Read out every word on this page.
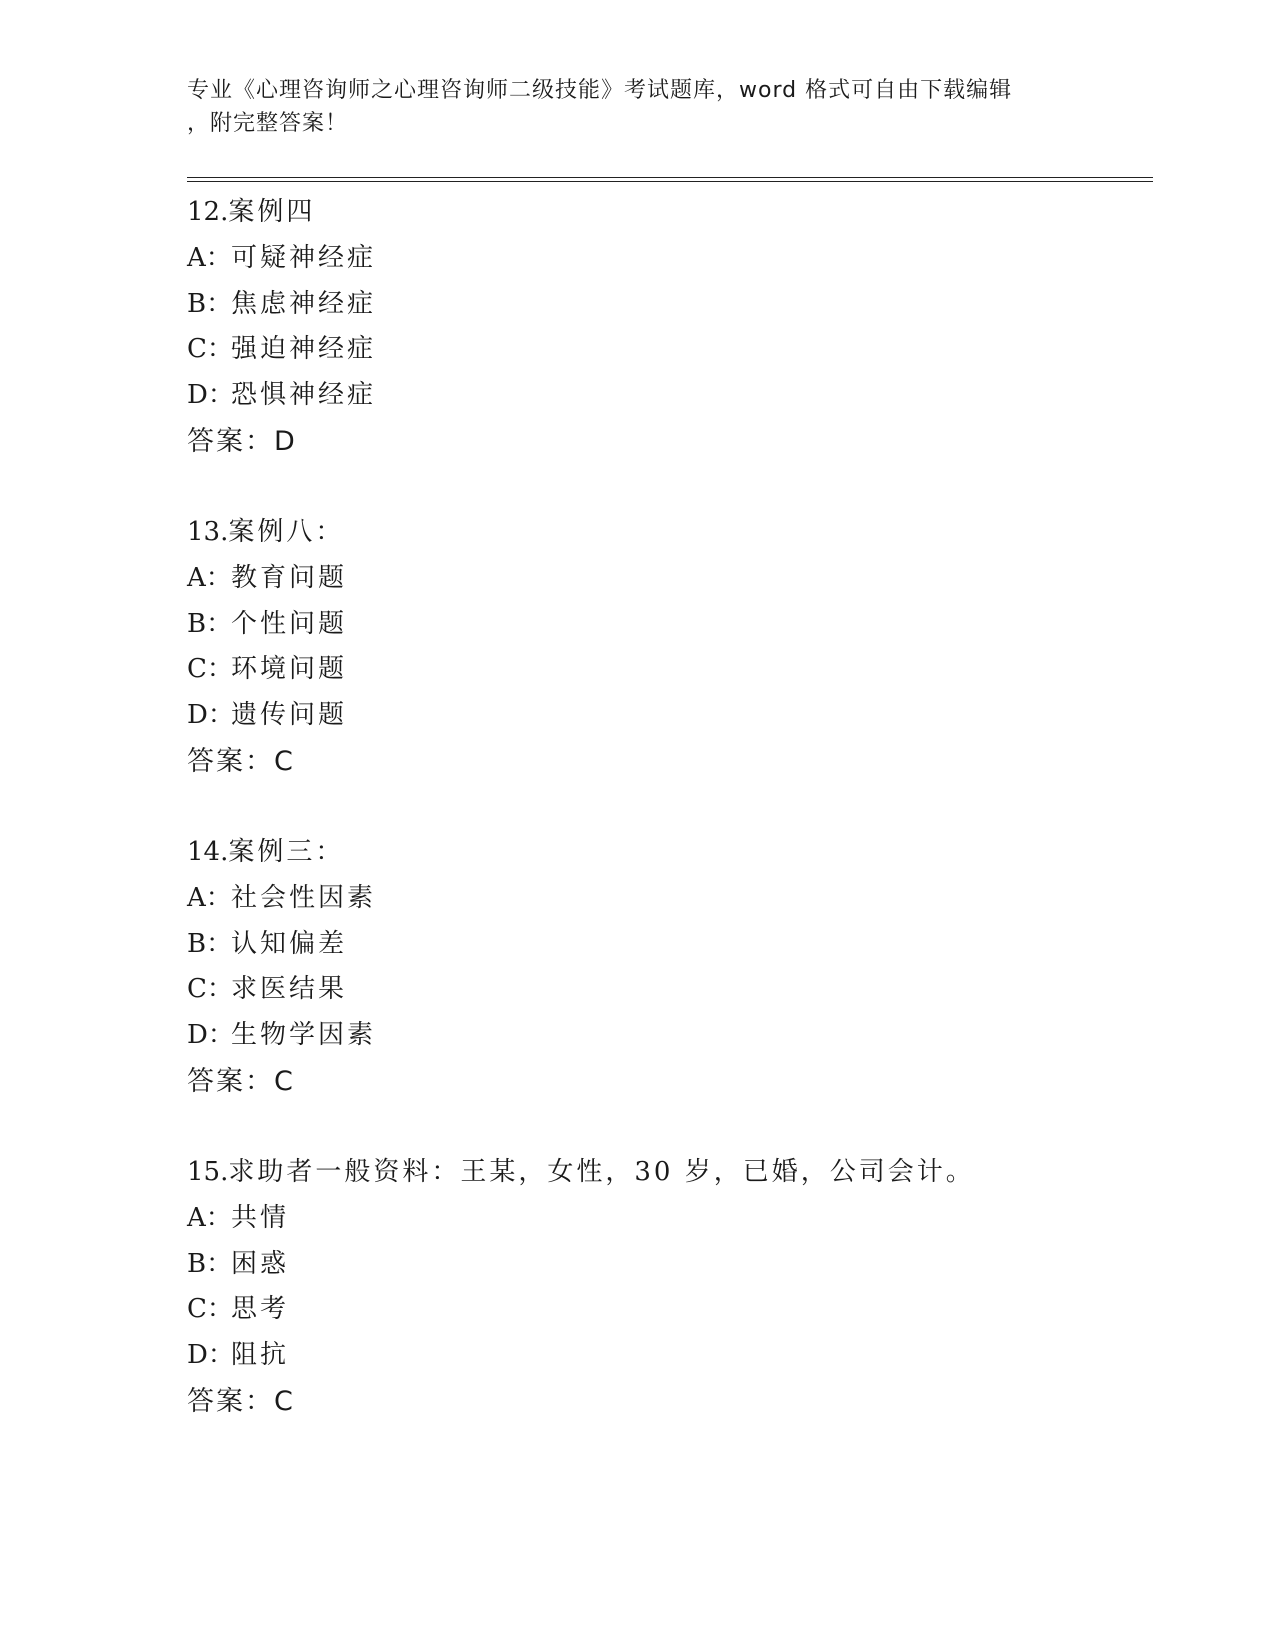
专业《心理咨询师之心理咨询师二级技能》考试题库，word 格式可自由下载编辑
，附完整答案！
12.案例四
A：可疑神经症
B：焦虑神经症
C：强迫神经症
D：恐惧神经症
答案：D
13.案例八：
A：教育问题
B：个性问题
C：环境问题
D：遗传问题
答案：C
14.案例三：
A：社会性因素
B：认知偏差
C：求医结果
D：生物学因素
答案：C
15.求助者一般资料：王某，女性，30 岁，已婚，公司会计。
A：共情
B：困惑
C：思考
D：阻抗
答案：C
